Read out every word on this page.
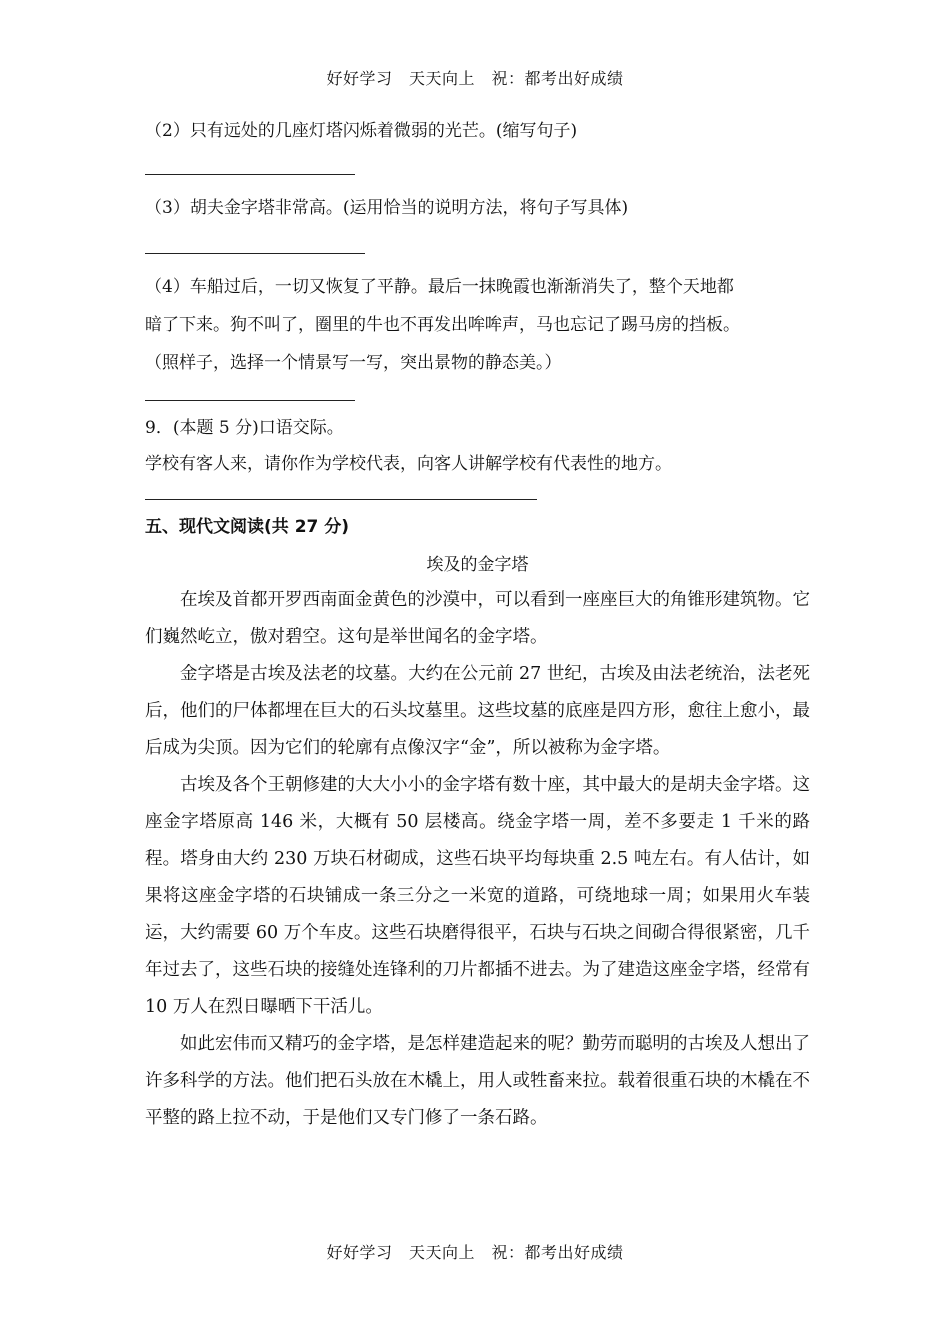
好好学习　天天向上　祝：都考出好成绩

（2）只有远处的几座灯塔闪烁着微弱的光芒。(缩写句子)

（3）胡夫金字塔非常高。(运用恰当的说明方法，将句子写具体)

（4）车船过后，一切又恢复了平静。最后一抹晚霞也渐渐消失了，整个天地都

暗了下来。狗不叫了，圈里的牛也不再发出哞哞声，马也忘记了踢马房的挡板。

（照样子，选择一个情景写一写，突出景物的静态美。）

9．(本题 5 分)口语交际。

学校有客人来，请你作为学校代表，向客人讲解学校有代表性的地方。

五、现代文阅读(共 27 分)

埃及的金字塔

在埃及首都开罗西南面金黄色的沙漠中，可以看到一座座巨大的角锥形建筑物。它们巍然屹立，傲对碧空。这句是举世闻名的金字塔。

金字塔是古埃及法老的坟墓。大约在公元前 27 世纪，古埃及由法老统治，法老死后，他们的尸体都埋在巨大的石头坟墓里。这些坟墓的底座是四方形，愈往上愈小，最后成为尖顶。因为它们的轮廓有点像汉字“金”，所以被称为金字塔。

古埃及各个王朝修建的大大小小的金字塔有数十座，其中最大的是胡夫金字塔。这座金字塔原高 146 米，大概有 50 层楼高。绕金字塔一周，差不多要走 1 千米的路程。塔身由大约 230 万块石材砌成，这些石块平均每块重 2.5 吨左右。有人估计，如果将这座金字塔的石块铺成一条三分之一米宽的道路，可绕地球一周；如果用火车装运，大约需要 60 万个车皮。这些石块磨得很平，石块与石块之间砌合得很紧密，几千年过去了，这些石块的接缝处连锋利的刀片都插不进去。为了建造这座金字塔，经常有 10 万人在烈日曝晒下干活儿。

如此宏伟而又精巧的金字塔，是怎样建造起来的呢？勤劳而聪明的古埃及人想出了许多科学的方法。他们把石头放在木橇上，用人或牲畜来拉。载着很重石块的木橇在不平整的路上拉不动，于是他们又专门修了一条石路。

好好学习　天天向上　祝：都考出好成绩
